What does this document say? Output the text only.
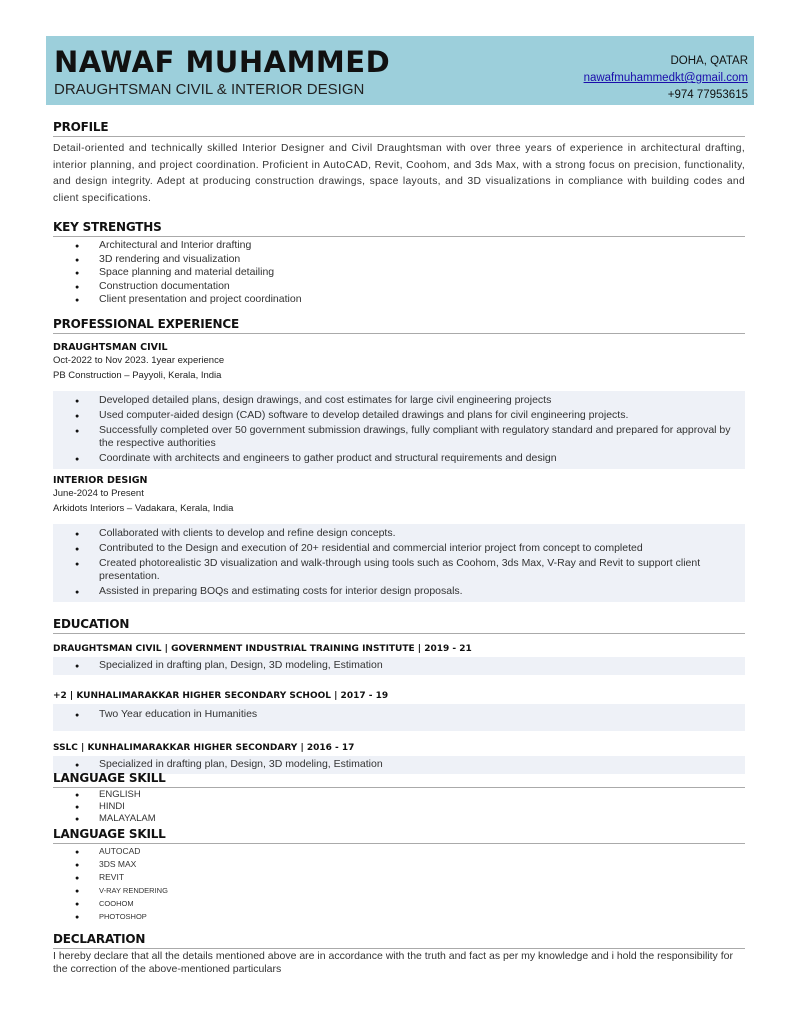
NAWAF MUHAMMED
DRAUGHTSMAN CIVIL & INTERIOR DESIGN
DOHA, QATAR
nawafmuhammedkt@gmail.com
+974 77953615
PROFILE
Detail-oriented and technically skilled Interior Designer and Civil Draughtsman with over three years of experience in architectural drafting, interior planning, and project coordination. Proficient in AutoCAD, Revit, Coohom, and 3ds Max, with a strong focus on precision, functionality, and design integrity. Adept at producing construction drawings, space layouts, and 3D visualizations in compliance with building codes and client specifications.
KEY STRENGTHS
● Architectural and Interior drafting
● 3D rendering and visualization
● Space planning and material detailing
● Construction documentation
● Client presentation and project coordination
PROFESSIONAL EXPERIENCE
DRAUGHTSMAN CIVIL
Oct-2022 to Nov 2023. 1year experience
PB Construction – Payyoli, Kerala, India
● Developed detailed plans, design drawings, and cost estimates for large civil engineering projects
● Used computer-aided design (CAD) software to develop detailed drawings and plans for civil engineering projects.
● Successfully completed over 50 government submission drawings, fully compliant with regulatory standard and prepared for approval by the respective authorities
● Coordinate with architects and engineers to gather product and structural requirements and design
INTERIOR DESIGN
June-2024 to Present
Arkidots Interiors – Vadakara, Kerala, India
● Collaborated with clients to develop and refine design concepts.
● Contributed to the Design and execution of 20+ residential and commercial interior project from concept to completed
● Created photorealistic 3D visualization and walk-through using tools such as Coohom, 3ds Max, V-Ray and Revit to support client presentation.
● Assisted in preparing BOQs and estimating costs for interior design proposals.
EDUCATION
DRAUGHTSMAN CIVIL | GOVERNMENT INDUSTRIAL TRAINING INSTITUTE | 2019 - 21
● Specialized in drafting plan, Design, 3D modeling, Estimation
+2 | KUNHALIMARAKKAR HIGHER SECONDARY SCHOOL | 2017 - 19
● Two Year education in Humanities
SSLC | KUNHALIMARAKKAR HIGHER SECONDARY | 2016 - 17
● Specialized in drafting plan, Design, 3D modeling, Estimation
LANGUAGE SKILL
● ENGLISH
● HINDI
● MALAYALAM
LANGUAGE SKILL
● AUTOCAD
● 3DS MAX
● REVIT
● V-RAY RENDERING
● COOHOM
● PHOTOSHOP
DECLARATION
I hereby declare that all the details mentioned above are in accordance with the truth and fact as per my knowledge and i hold the responsibility for the correction of the above-mentioned particulars
